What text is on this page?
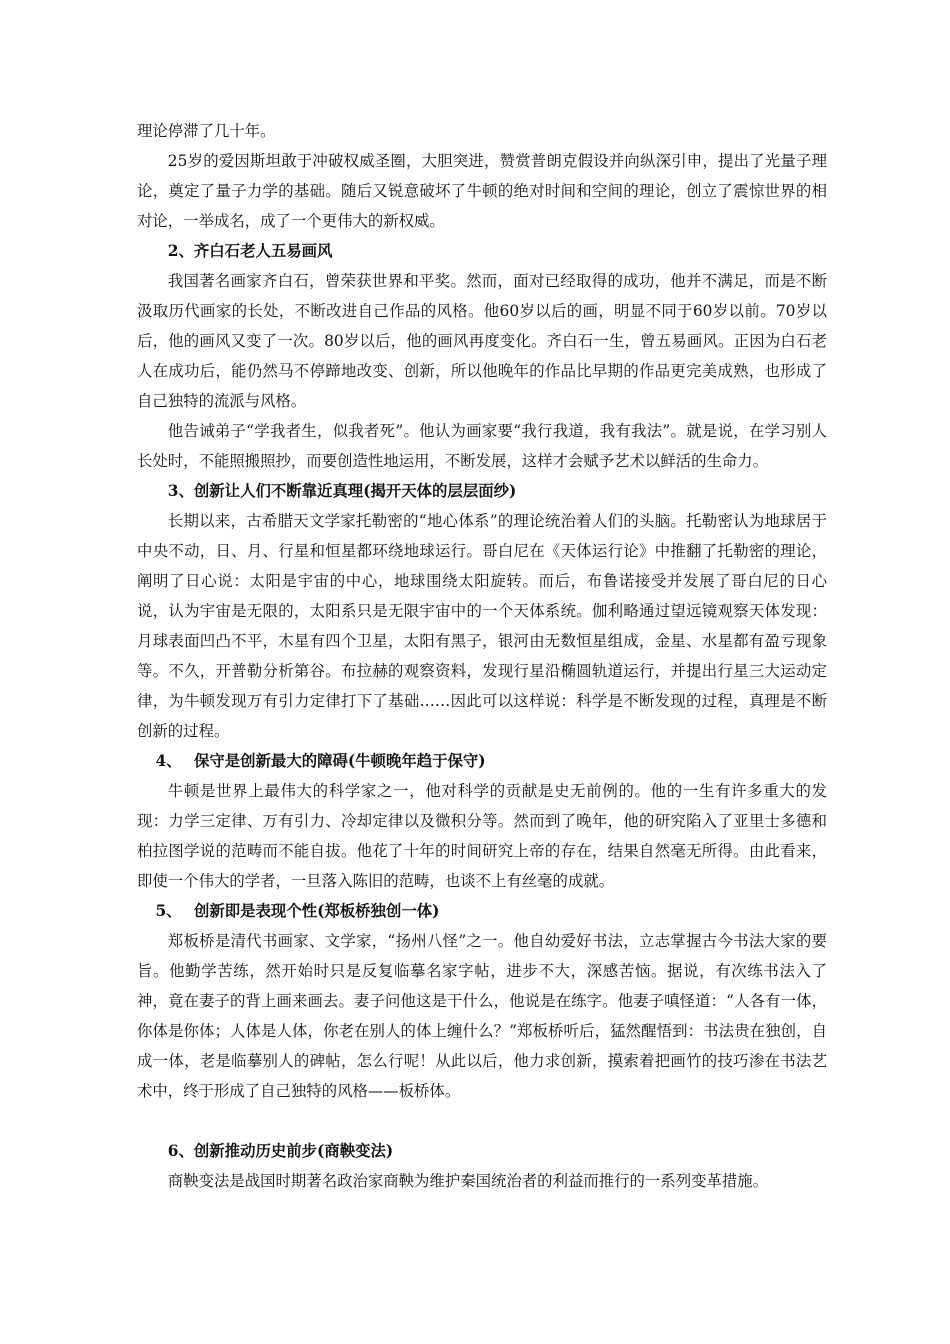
理论停滞了几十年。

25岁的爱因斯坦敢于冲破权威圣圈，大胆突进，赞赏普朗克假设并向纵深引申，提出了光量子理论，奠定了量子力学的基础。随后又锐意破坏了牛顿的绝对时间和空间的理论，创立了震惊世界的相对论，一举成名，成了一个更伟大的新权威。

2、齐白石老人五易画风

我国著名画家齐白石，曾荣获世界和平奖。然而，面对已经取得的成功，他并不满足，而是不断汲取历代画家的长处，不断改进自己作品的风格。他60岁以后的画，明显不同于60岁以前。70岁以后，他的画风又变了一次。80岁以后，他的画风再度变化。齐白石一生，曾五易画风。正因为白石老人在成功后，能仍然马不停蹄地改变、创新，所以他晚年的作品比早期的作品更完美成熟，也形成了自己独特的流派与风格。

他告诫弟子“学我者生，似我者死”。他认为画家要“我行我道，我有我法”。就是说，在学习别人长处时，不能照搬照抄，而要创造性地运用，不断发展，这样才会赋予艺术以鲜活的生命力。

3、创新让人们不断靠近真理(揭开天体的层层面纱)

长期以来，古希腊天文学家托勒密的“地心体系”的理论统治着人们的头脑。托勒密认为地球居于中央不动，日、月、行星和恒星都环绕地球运行。哥白尼在《天体运行论》中推翻了托勒密的理论，阐明了日心说：太阳是宇宙的中心，地球围绕太阳旋转。而后，布鲁诺接受并发展了哥白尼的日心说，认为宇宙是无限的，太阳系只是无限宇宙中的一个天体系统。伽利略通过望远镜观察天体发现：月球表面凹凸不平，木星有四个卫星，太阳有黑子，银河由无数恒星组成，金星、水星都有盈亏现象等。不久，开普勒分析第谷。布拉赫的观察资料，发现行星沿椭圆轨道运行，并提出行星三大运动定律，为牛顿发现万有引力定律打下了基础……因此可以这样说：科学是不断发现的过程，真理是不断创新的过程。

4、 保守是创新最大的障碍(牛顿晚年趋于保守)

牛顿是世界上最伟大的科学家之一，他对科学的贡献是史无前例的。他的一生有许多重大的发现：力学三定律、万有引力、冷却定律以及微积分等。然而到了晚年，他的研究陷入了亚里士多德和柏拉图学说的范畴而不能自拔。他花了十年的时间研究上帝的存在，结果自然毫无所得。由此看来，即使一个伟大的学者，一旦落入陈旧的范畴，也谈不上有丝毫的成就。

5、 创新即是表现个性(郑板桥独创一体)

郑板桥是清代书画家、文学家，“扬州八怪”之一。他自幼爱好书法，立志掌握古今书法大家的要旨。他勤学苦练，然开始时只是反复临摹名家字帖，进步不大，深感苦恼。据说，有次练书法入了神，竟在妻子的背上画来画去。妻子问他这是干什么，他说是在练字。他妻子嗔怪道：“人各有一体，你体是你体；人体是人体，你老在别人的体上缠什么？”郑板桥听后，猛然醒悟到：书法贵在独创，自成一体，老是临摹别人的碑帖，怎么行呢！从此以后，他力求创新，摸索着把画竹的技巧渗在书法艺术中，终于形成了自己独特的风格——板桥体。

6、创新推动历史前步(商鞅变法)

商鞅变法是战国时期著名政治家商鞅为维护秦国统治者的利益而推行的一系列变革措施。
